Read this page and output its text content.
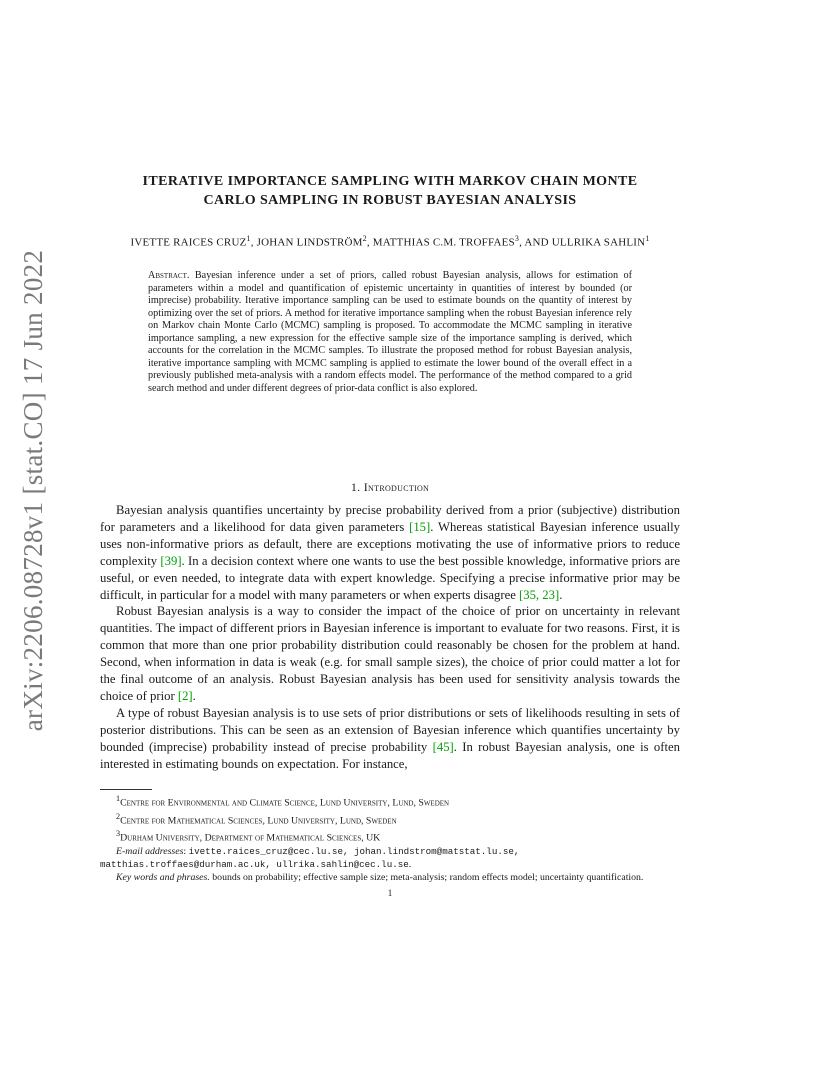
arXiv:2206.08728v1 [stat.CO] 17 Jun 2022
ITERATIVE IMPORTANCE SAMPLING WITH MARKOV CHAIN MONTE
CARLO SAMPLING IN ROBUST BAYESIAN ANALYSIS
IVETTE RAICES CRUZ$^1$, JOHAN LINDSTRÖM$^2$, MATTHIAS C.M. TROFFAES$^3$, AND ULLRIKA SAHLIN$^1$
Abstract. Bayesian inference under a set of priors, called robust Bayesian analysis, allows for estimation of parameters within a model and quantification of epistemic uncertainty in quantities of interest by bounded (or imprecise) probability. Iterative importance sampling can be used to estimate bounds on the quantity of interest by optimizing over the set of priors. A method for iterative importance sampling when the robust Bayesian inference rely on Markov chain Monte Carlo (MCMC) sampling is proposed. To accommodate the MCMC sampling in iterative importance sampling, a new expression for the effective sample size of the importance sampling is derived, which accounts for the correlation in the MCMC samples. To illustrate the proposed method for robust Bayesian analysis, iterative importance sampling with MCMC sampling is applied to estimate the lower bound of the overall effect in a previously published meta-analysis with a random effects model. The performance of the method compared to a grid search method and under different degrees of prior-data conflict is also explored.
1. Introduction

Bayesian analysis quantifies uncertainty by precise probability derived from a prior (subjective) distribution for parameters and a likelihood for data given parameters [15]. Whereas statistical Bayesian inference usually uses non-informative priors as default, there are exceptions motivating the use of informative priors to reduce complexity [39]. In a decision context where one wants to use the best possible knowledge, informative priors are useful, or even needed, to integrate data with expert knowledge. Specifying a precise informative prior may be difficult, in particular for a model with many parameters or when experts disagree [35, 23].

Robust Bayesian analysis is a way to consider the impact of the choice of prior on uncertainty in relevant quantities. The impact of different priors in Bayesian inference is important to evaluate for two reasons. First, it is common that more than one prior probability distribution could reasonably be chosen for the problem at hand. Second, when information in data is weak (e.g. for small sample sizes), the choice of prior could matter a lot for the final outcome of an analysis. Robust Bayesian analysis has been used for sensitivity analysis towards the choice of prior [2].

A type of robust Bayesian analysis is to use sets of prior distributions or sets of likelihoods resulting in sets of posterior distributions. This can be seen as an extension of Bayesian inference which quantifies uncertainty by bounded (imprecise) probability instead of precise probability [45]. In robust Bayesian analysis, one is often interested in estimating bounds on expectation. For instance,

$^1$Centre for Environmental and Climate Science, Lund University, Lund, Sweden
$^2$Centre for Mathematical Sciences, Lund University, Lund, Sweden
$^3$Durham University, Department of Mathematical Sciences, UK
E-mail addresses: ivette.raices_cruz@cec.lu.se, johan.lindstrom@matstat.lu.se,
matthias.troffaes@durham.ac.uk, ullrika.sahlin@cec.lu.se.
Key words and phrases. bounds on probability; effective sample size; meta-analysis; random effects model; uncertainty quantification.
1
